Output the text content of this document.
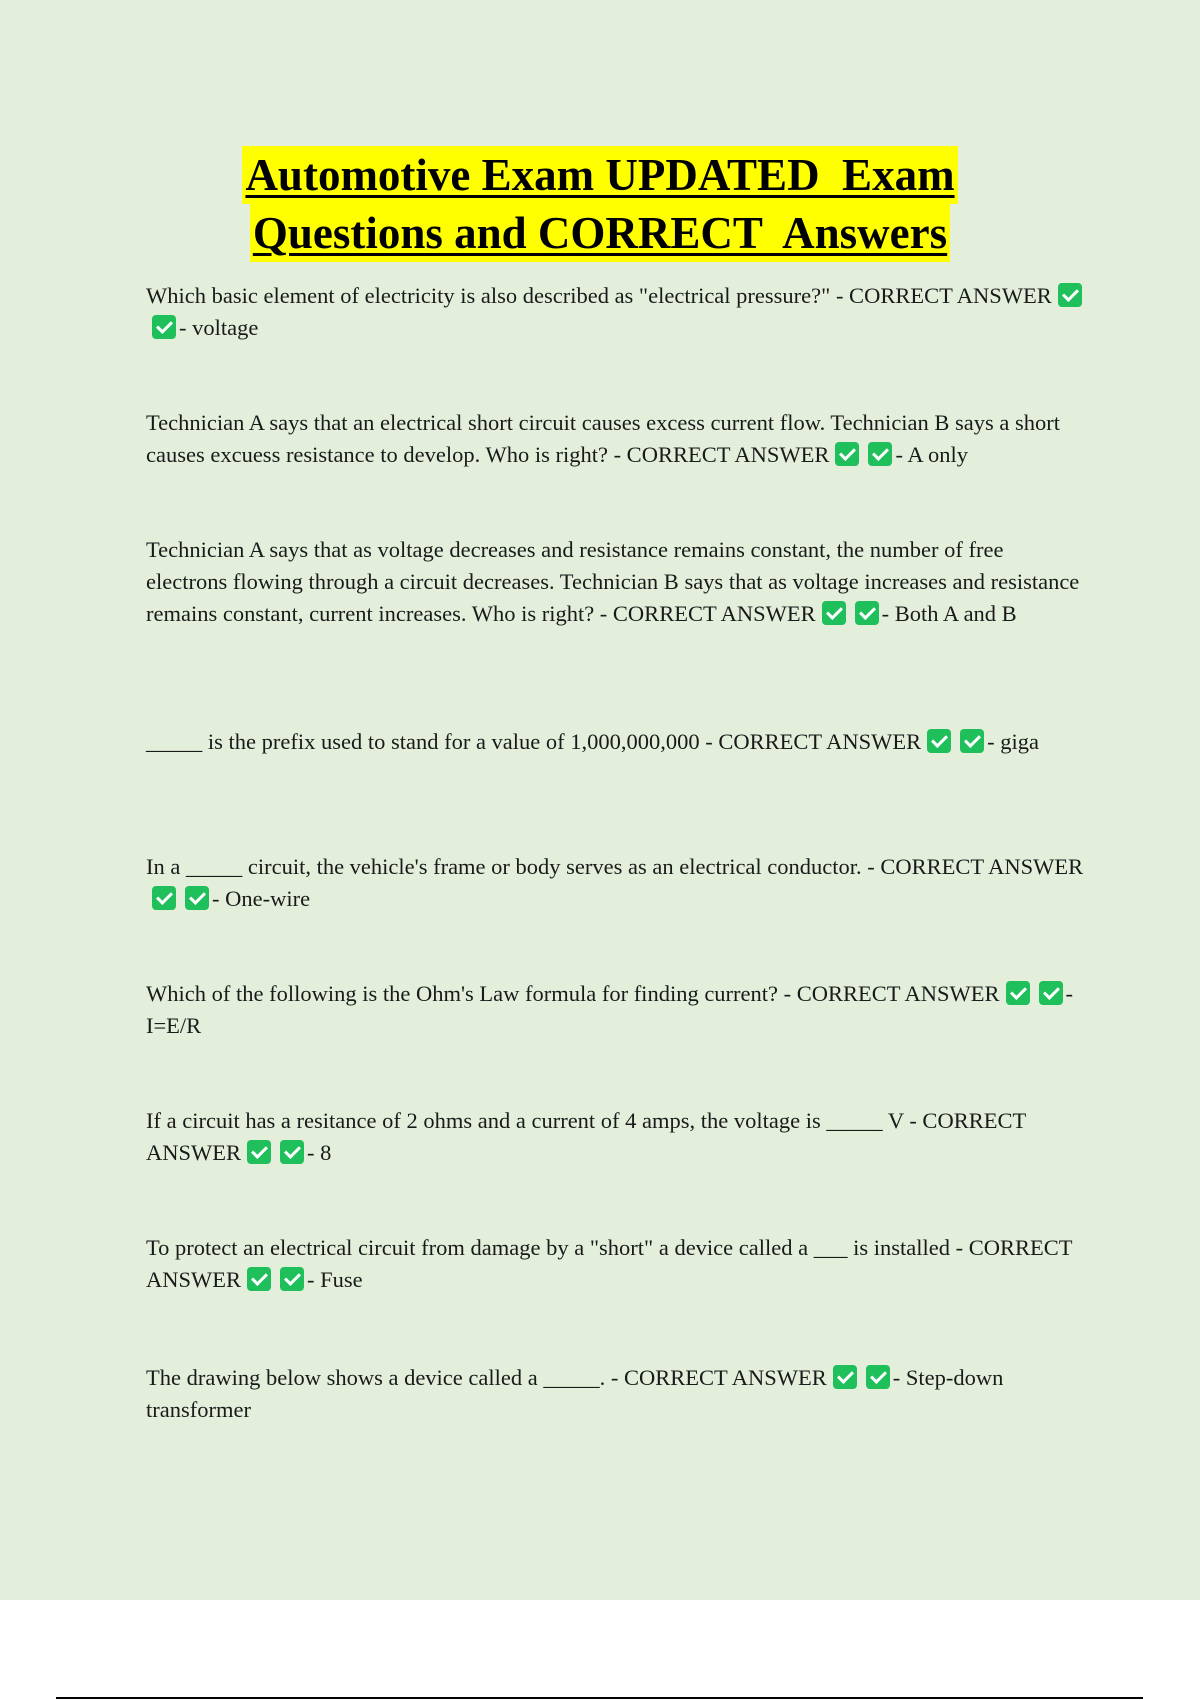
Automotive Exam UPDATED  Exam
Questions and CORRECT  Answers

Which basic element of electricity is also described as "electrical pressure?" - CORRECT ANSWER- voltage

Technician A says that an electrical short circuit causes excess current flow. Technician B says a short causes excuess resistance to develop. Who is right? - CORRECT ANSWER	- A only

Technician A says that as voltage decreases and resistance remains constant, the number of free electrons flowing through a circuit decreases. Technician B says that as voltage increases and resistance remains constant, current increases. Who is right? - CORRECT ANSWER	- Both A and B

_____ is the prefix used to stand for a value of 1,000,000,000 - CORRECT ANSWER	- giga

In a _____ circuit, the vehicle's frame or body serves as an electrical conductor. - CORRECT ANSWER- One-wire

Which of the following is the Ohm's Law formula for finding current? - CORRECT ANSWER	- I=E/R

If a circuit has a resitance of 2 ohms and a current of 4 amps, the voltage is _____ V - CORRECT ANSWER	- 8

To protect an electrical circuit from damage by a "short" a device called a ___ is installed - CORRECT ANSWER	- Fuse

The drawing below shows a device called a _____. - CORRECT ANSWER	- Step-down transformer
